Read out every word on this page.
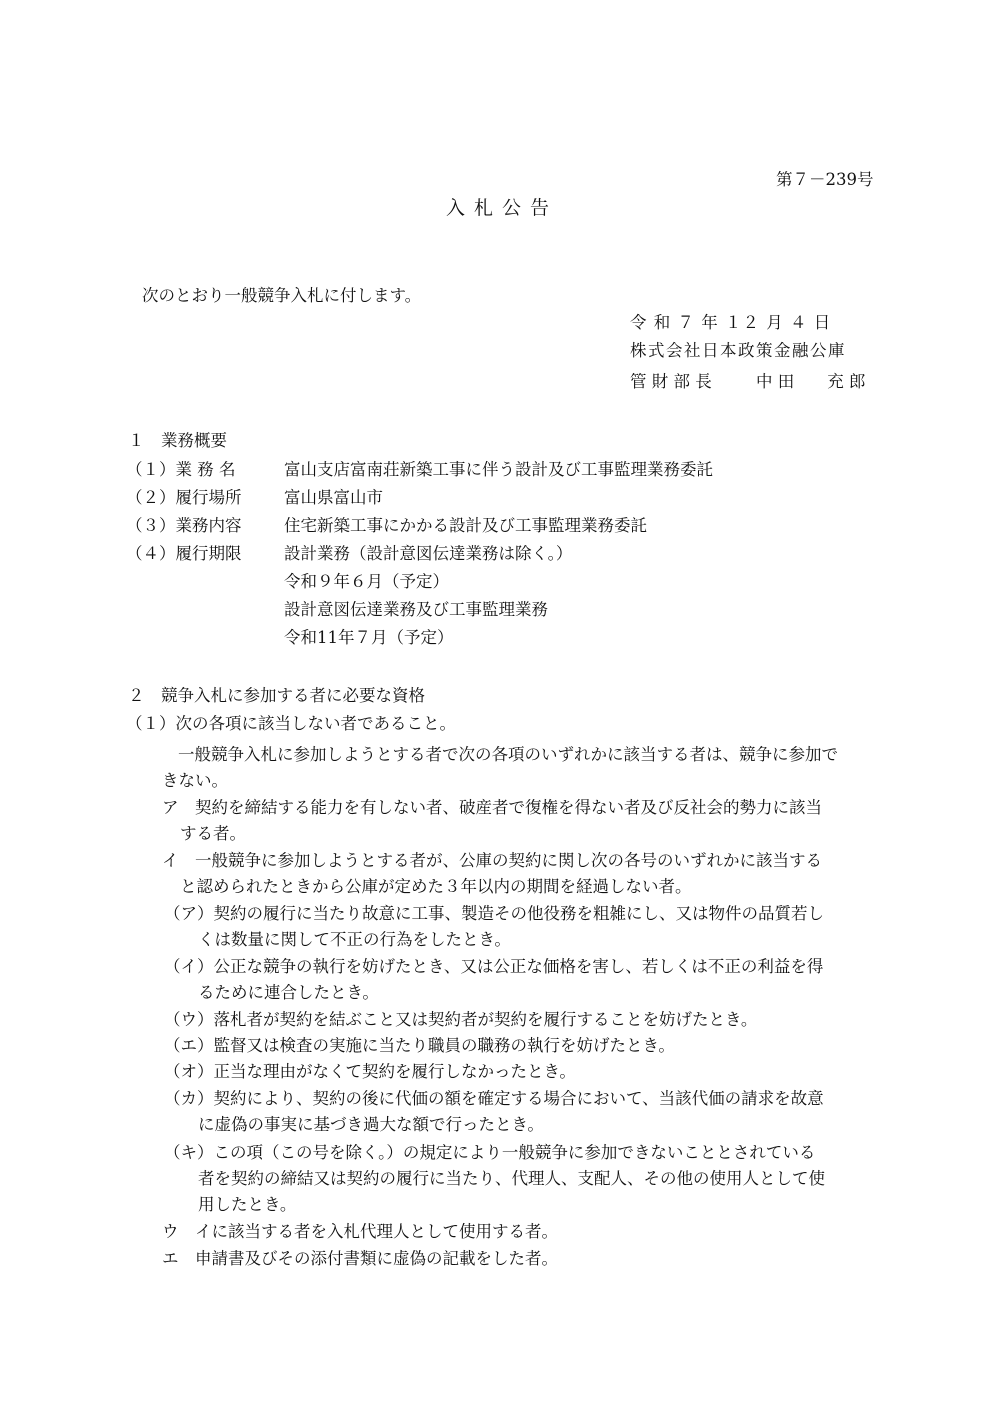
第７－239号
入札公告
次のとおり一般競争入札に付します。
令 和 ７ 年 １２ 月 ４ 日
株式会社日本政策金融公庫
管 財 部 長	中 田　　充 郎
１　業務概要
（１）業 務 名	富山支店富南荘新築工事に伴う設計及び工事監理業務委託
（２）履行場所	富山県富山市
（３）業務内容	住宅新築工事にかかる設計及び工事監理業務委託
（４）履行期限	設計業務（設計意図伝達業務は除く。）
令和９年６月（予定）
設計意図伝達業務及び工事監理業務
令和11年７月（予定）
２　競争入札に参加する者に必要な資格
（１）次の各項に該当しない者であること。
一般競争入札に参加しようとする者で次の各項のいずれかに該当する者は、競争に参加で
きない。
ア　契約を締結する能力を有しない者、破産者で復権を得ない者及び反社会的勢力に該当
する者。
イ　一般競争に参加しようとする者が、公庫の契約に関し次の各号のいずれかに該当する
と認められたときから公庫が定めた３年以内の期間を経過しない者。
（ア）契約の履行に当たり故意に工事、製造その他役務を粗雑にし、又は物件の品質若し
くは数量に関して不正の行為をしたとき。
（イ）公正な競争の執行を妨げたとき、又は公正な価格を害し、若しくは不正の利益を得
るために連合したとき。
（ウ）落札者が契約を結ぶこと又は契約者が契約を履行することを妨げたとき。
（エ）監督又は検査の実施に当たり職員の職務の執行を妨げたとき。
（オ）正当な理由がなくて契約を履行しなかったとき。
（カ）契約により、契約の後に代価の額を確定する場合において、当該代価の請求を故意
に虚偽の事実に基づき過大な額で行ったとき。
（キ）この項（この号を除く。）の規定により一般競争に参加できないこととされている
者を契約の締結又は契約の履行に当たり、代理人、支配人、その他の使用人として使
用したとき。
ウ　イに該当する者を入札代理人として使用する者。
エ　申請書及びその添付書類に虚偽の記載をした者。
